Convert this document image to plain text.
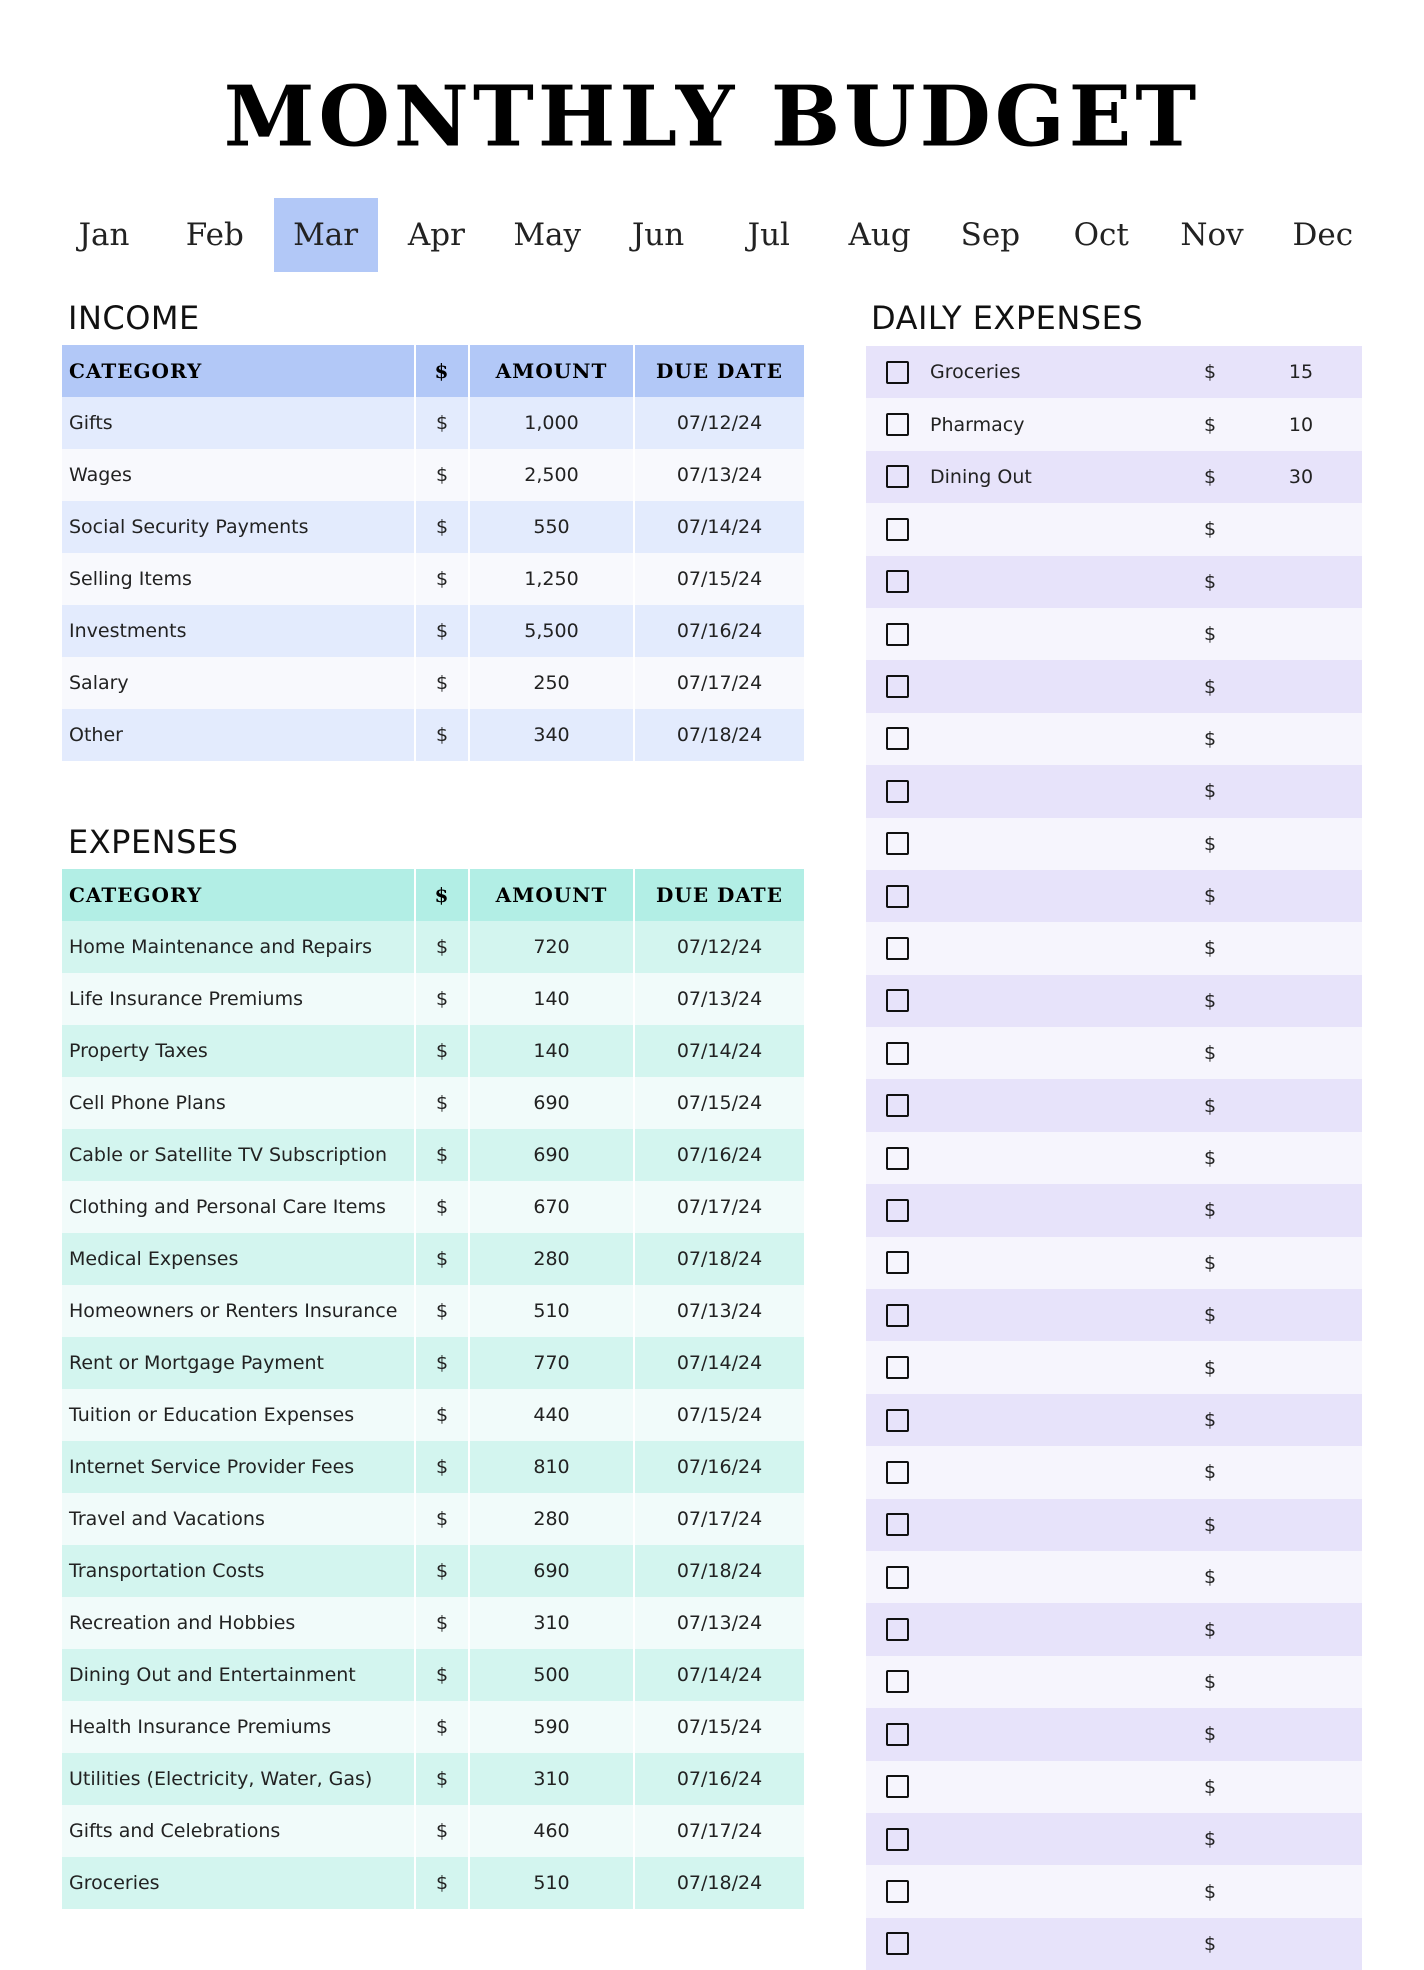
MONTHLY BUDGET
Jan	Feb	Mar	Apr	May	Jun	Jul	Aug	Sep	Oct	Nov	Dec
INCOME
CATEGORY	$	AMOUNT	DUE DATE
Gifts	$	1,000	07/12/24
Wages	$	2,500	07/13/24
Social Security Payments	$	550	07/14/24
Selling Items	$	1,250	07/15/24
Investments	$	5,500	07/16/24
Salary	$	250	07/17/24
Other	$	340	07/18/24
EXPENSES
CATEGORY	$	AMOUNT	DUE DATE
Home Maintenance and Repairs	$	720	07/12/24
Life Insurance Premiums	$	140	07/13/24
Property Taxes	$	140	07/14/24
Cell Phone Plans	$	690	07/15/24
Cable or Satellite TV Subscription	$	690	07/16/24
Clothing and Personal Care Items	$	670	07/17/24
Medical Expenses	$	280	07/18/24
Homeowners or Renters Insurance	$	510	07/13/24
Rent or Mortgage Payment	$	770	07/14/24
Tuition or Education Expenses	$	440	07/15/24
Internet Service Provider Fees	$	810	07/16/24
Travel and Vacations	$	280	07/17/24
Transportation Costs	$	690	07/18/24
Recreation and Hobbies	$	310	07/13/24
Dining Out and Entertainment	$	500	07/14/24
Health Insurance Premiums	$	590	07/15/24
Utilities (Electricity, Water, Gas)	$	310	07/16/24
Gifts and Celebrations	$	460	07/17/24
Groceries	$	510	07/18/24
DAILY EXPENSES
	Groceries	$	15
	Pharmacy	$	10
	Dining Out	$	30
		$	
		$	
		$	
		$	
		$	
		$	
		$	
		$	
		$	
		$	
		$	
		$	
		$	
		$	
		$	
		$	
		$	
		$	
		$	
		$	
		$	
		$	
		$	
		$	
		$	
		$	
		$	
		$	
